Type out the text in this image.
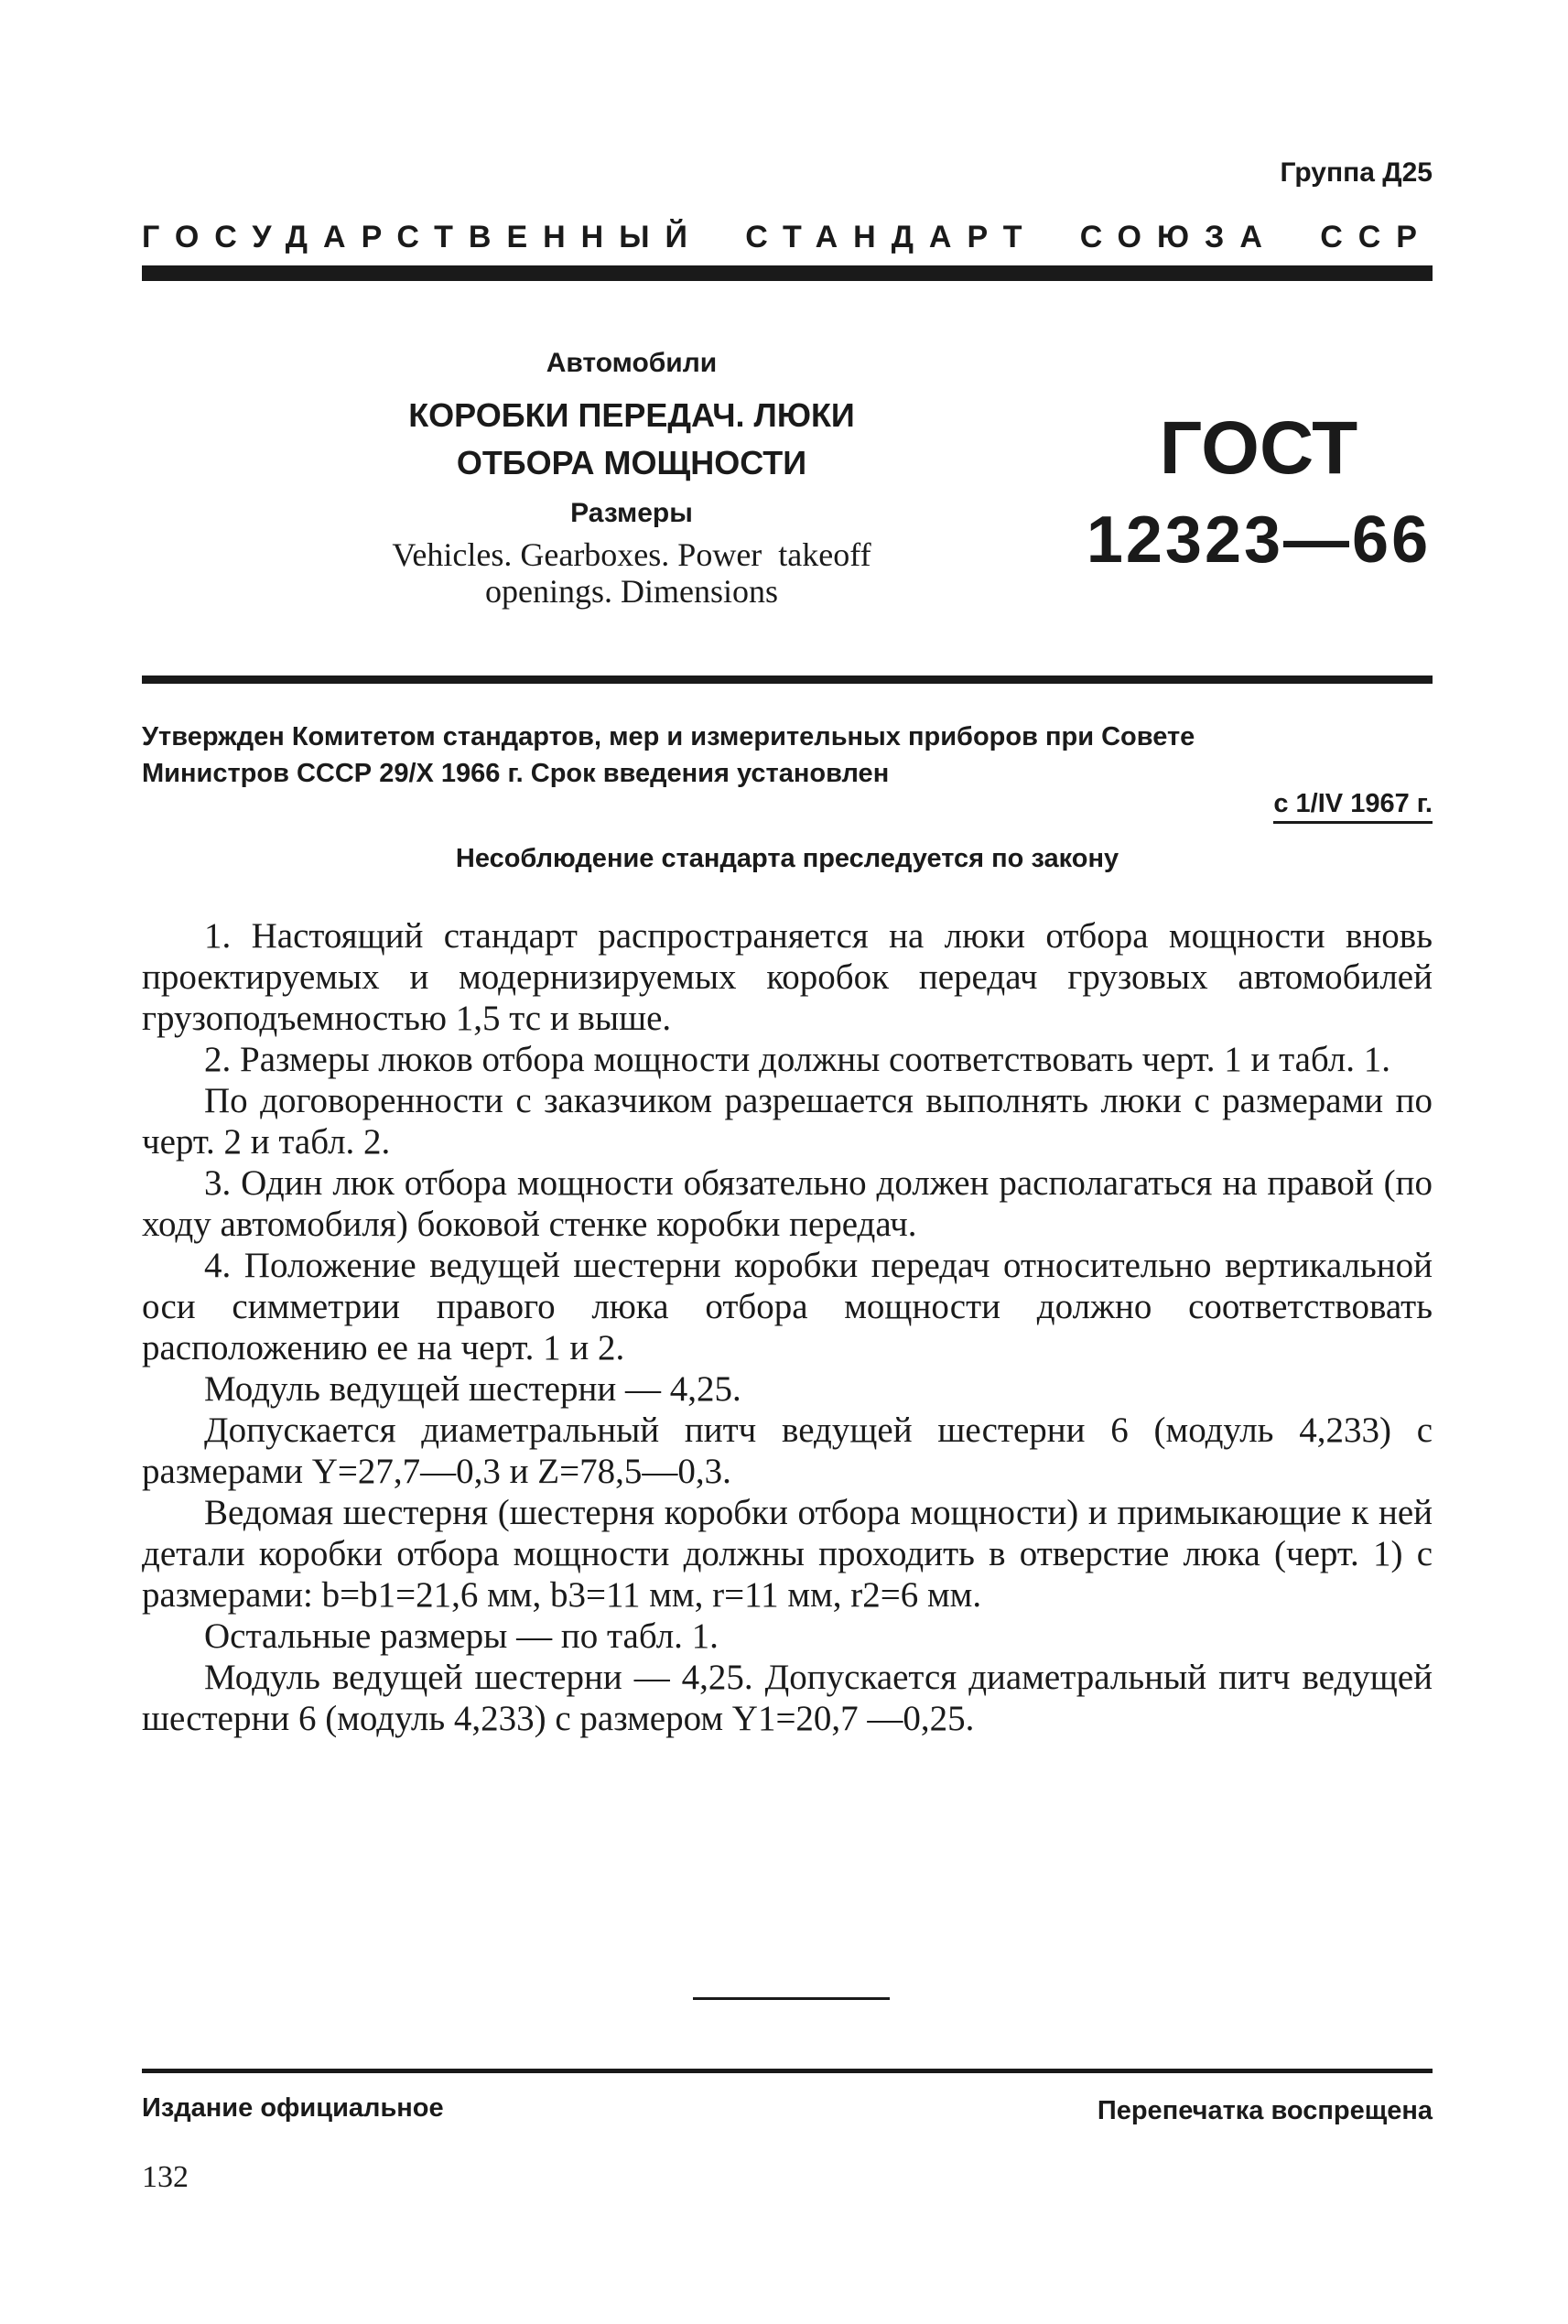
Группа Д25
ГОСУДАРСТВЕННЫЙ СТАНДАРТ СОЮЗА ССР
Автомобили
КОРОБКИ ПЕРЕДАЧ. ЛЮКИ
ОТБОРА МОЩНОСТИ
Размеры
Vehicles. Gearboxes. Power  takeoff
openings. Dimensions
ГОСТ
12323—66
Утвержден Комитетом стандартов, мер и измерительных приборов при Совете
Министров СССР 29/X 1966 г. Срок введения установлен
с 1/IV 1967 г.
Несоблюдение стандарта преследуется по закону

1. Настоящий стандарт распространяется на люки отбора мощности вновь проектируемых и модернизируемых коробок передач грузовых автомобилей грузоподъемностью 1,5 тс и выше.

2. Размеры люков отбора мощности должны соответствовать черт. 1 и табл. 1.

По договоренности с заказчиком разрешается выполнять люки с размерами по черт. 2 и табл. 2.

3. Один люк отбора мощности обязательно должен располагаться на правой (по ходу автомобиля) боковой стенке коробки передач.

4. Положение ведущей шестерни коробки передач относительно вертикальной оси симметрии правого люка отбора мощности должно соответствовать расположению ее на черт. 1 и 2.

Модуль ведущей шестерни — 4,25.

Допускается диаметральный питч ведущей шестерни 6 (модуль 4,233) с размерами Y=27,7—0,3 и Z=78,5—0,3.

Ведомая шестерня (шестерня коробки отбора мощности) и примыкающие к ней детали коробки отбора мощности должны проходить в отверстие люка (черт. 1) с размерами: b=b1=21,6 мм, b3=11 мм, r=11 мм, r2=6 мм.

Остальные размеры — по табл. 1.

Модуль ведущей шестерни — 4,25. Допускается диаметральный питч ведущей шестерни 6 (модуль 4,233) с размером Y1=20,7 —0,25.

Издание официальное	Перепечатка воспрещена
132
